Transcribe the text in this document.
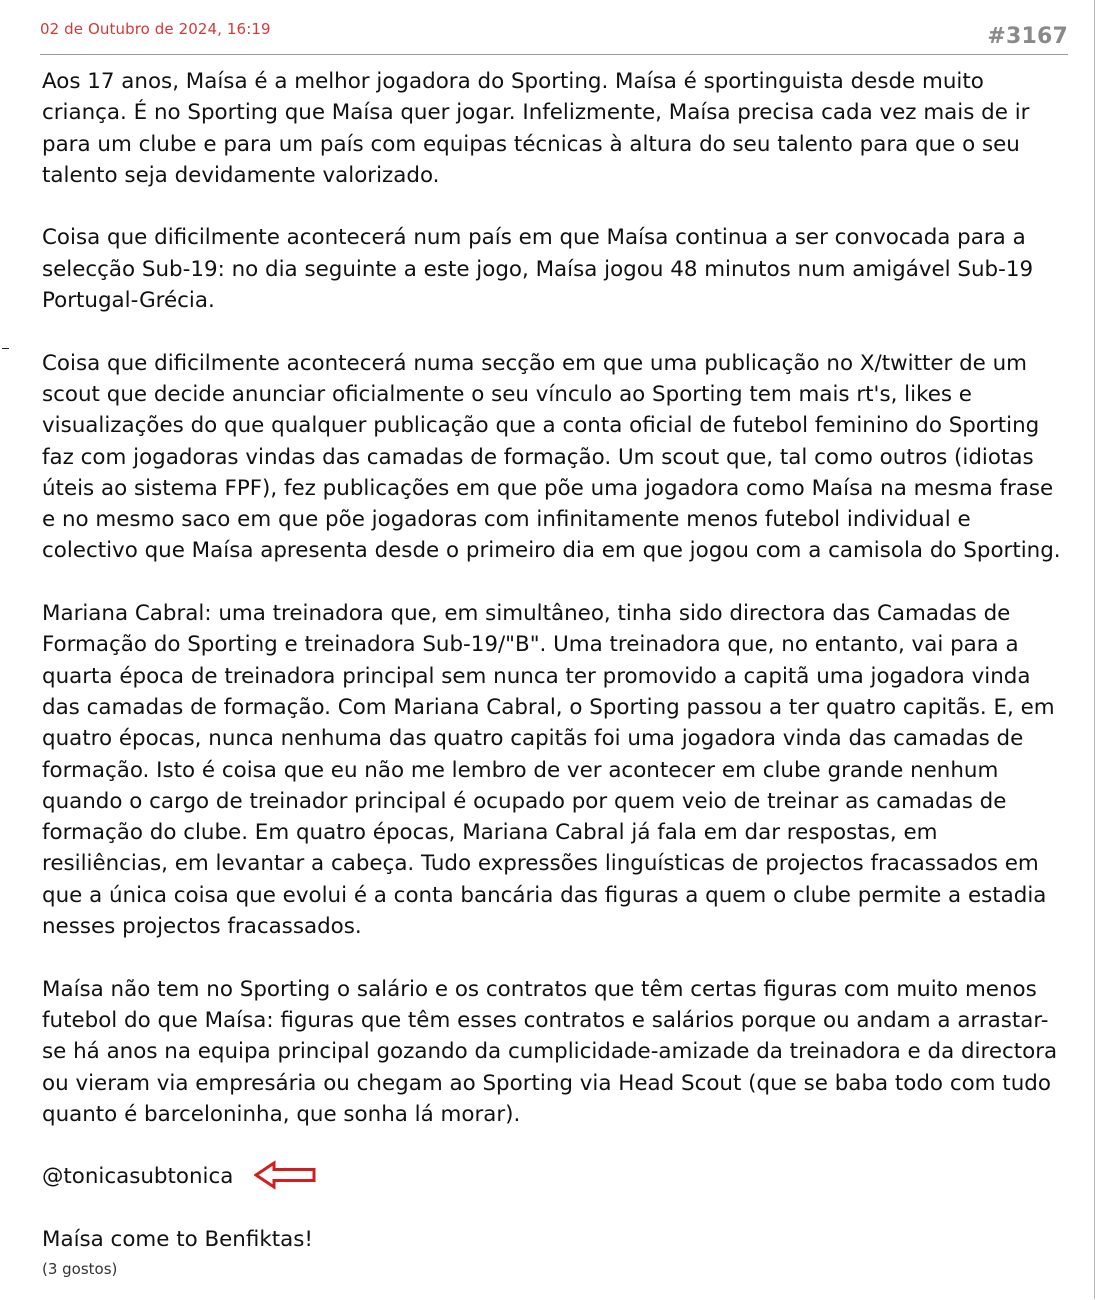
02 de Outubro de 2024, 16:19	#3167

Aos 17 anos, Maísa é a melhor jogadora do Sporting. Maísa é sportinguista desde muito criança. É no Sporting que Maísa quer jogar. Infelizmente, Maísa precisa cada vez mais de ir para um clube e para um país com equipas técnicas à altura do seu talento para que o seu talento seja devidamente valorizado.

Coisa que dificilmente acontecerá num país em que Maísa continua a ser convocada para a selecção Sub-19: no dia seguinte a este jogo, Maísa jogou 48 minutos num amigável Sub-19 Portugal-Grécia.

Coisa que dificilmente acontecerá numa secção em que uma publicação no X/twitter de um scout que decide anunciar oficialmente o seu vínculo ao Sporting tem mais rt's, likes e visualizações do que qualquer publicação que a conta oficial de futebol feminino do Sporting faz com jogadoras vindas das camadas de formação. Um scout que, tal como outros (idiotas úteis ao sistema FPF), fez publicações em que põe uma jogadora como Maísa na mesma frase e no mesmo saco em que põe jogadoras com infinitamente menos futebol individual e colectivo que Maísa apresenta desde o primeiro dia em que jogou com a camisola do Sporting.

Mariana Cabral: uma treinadora que, em simultâneo, tinha sido directora das Camadas de Formação do Sporting e treinadora Sub-19/"B". Uma treinadora que, no entanto, vai para a quarta época de treinadora principal sem nunca ter promovido a capitã uma jogadora vinda das camadas de formação. Com Mariana Cabral, o Sporting passou a ter quatro capitãs. E, em quatro épocas, nunca nenhuma das quatro capitãs foi uma jogadora vinda das camadas de formação. Isto é coisa que eu não me lembro de ver acontecer em clube grande nenhum quando o cargo de treinador principal é ocupado por quem veio de treinar as camadas de formação do clube. Em quatro épocas, Mariana Cabral já fala em dar respostas, em resiliências, em levantar a cabeça. Tudo expressões linguísticas de projectos fracassados em que a única coisa que evolui é a conta bancária das figuras a quem o clube permite a estadia nesses projectos fracassados.

Maísa não tem no Sporting o salário e os contratos que têm certas figuras com muito menos futebol do que Maísa: figuras que têm esses contratos e salários porque ou andam a arrastar-se há anos na equipa principal gozando da cumplicidade-amizade da treinadora e da directora ou vieram via empresária ou chegam ao Sporting via Head Scout (que se baba todo com tudo quanto é barceloninha, que sonha lá morar).

@tonicasubtonica

Maísa come to Benfiktas!

(3 gostos)
